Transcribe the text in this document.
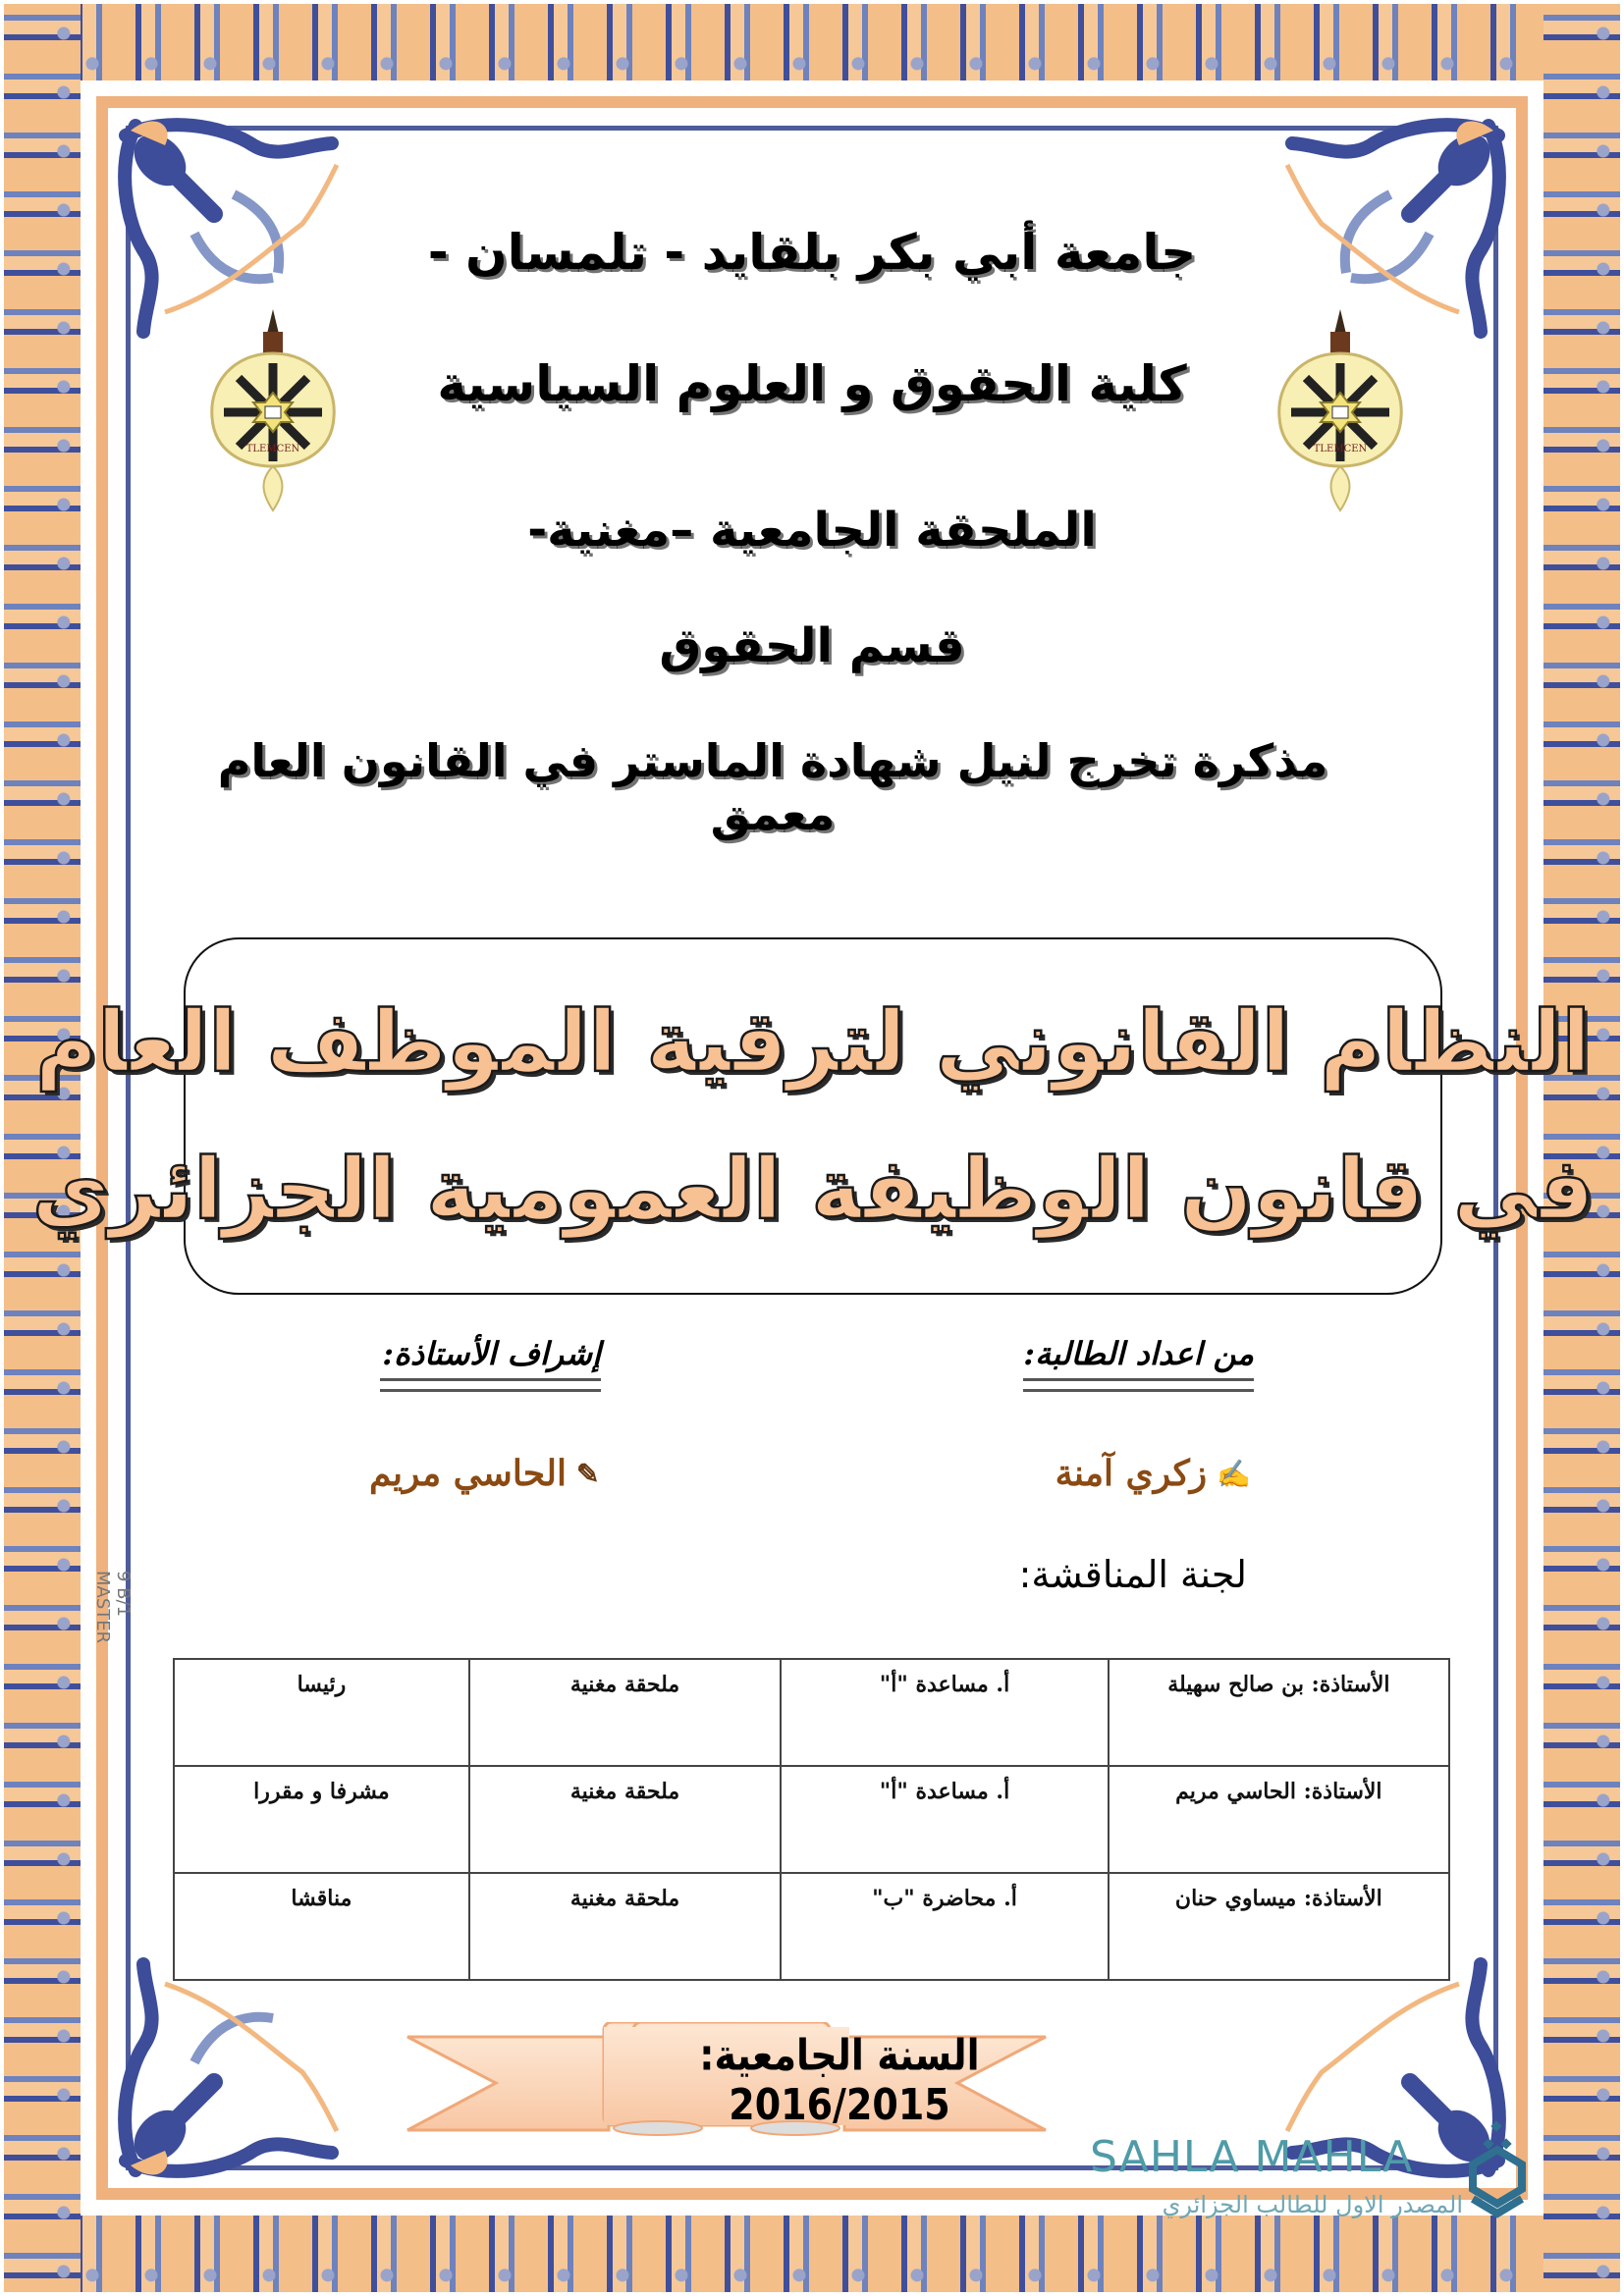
9 B/1  MASTER
TLEMCEN	TLEMCEN
جامعة أبي بكر بلقايد - تلمسان -
كلية الحقوق و العلوم السياسية
الملحقة الجامعية –مغنية-
قسم الحقوق
مذكرة تخرج لنيل شهادة الماستر في القانون العام معمق
النظام القانوني لترقية الموظف العام
في قانون الوظيفة العمومية الجزائري
من اعداد الطالبة:
إشراف الأستاذة:
✍
زكري آمنة
✎
الحاسي مريم
لجنة المناقشة:
الأستاذة: بن صالح سهيلة	أ. مساعدة "أ"	ملحقة مغنية	رئيسا
الأستاذة: الحاسي مريم	أ. مساعدة "أ"	ملحقة مغنية	مشرفا و مقررا
الأستاذة: ميساوي حنان	أ. محاضرة "ب"	ملحقة مغنية	مناقشا
السنة الجامعية: 2016/2015
SAHLA MAHLA
المصدر الاول للطالب الجزائري
